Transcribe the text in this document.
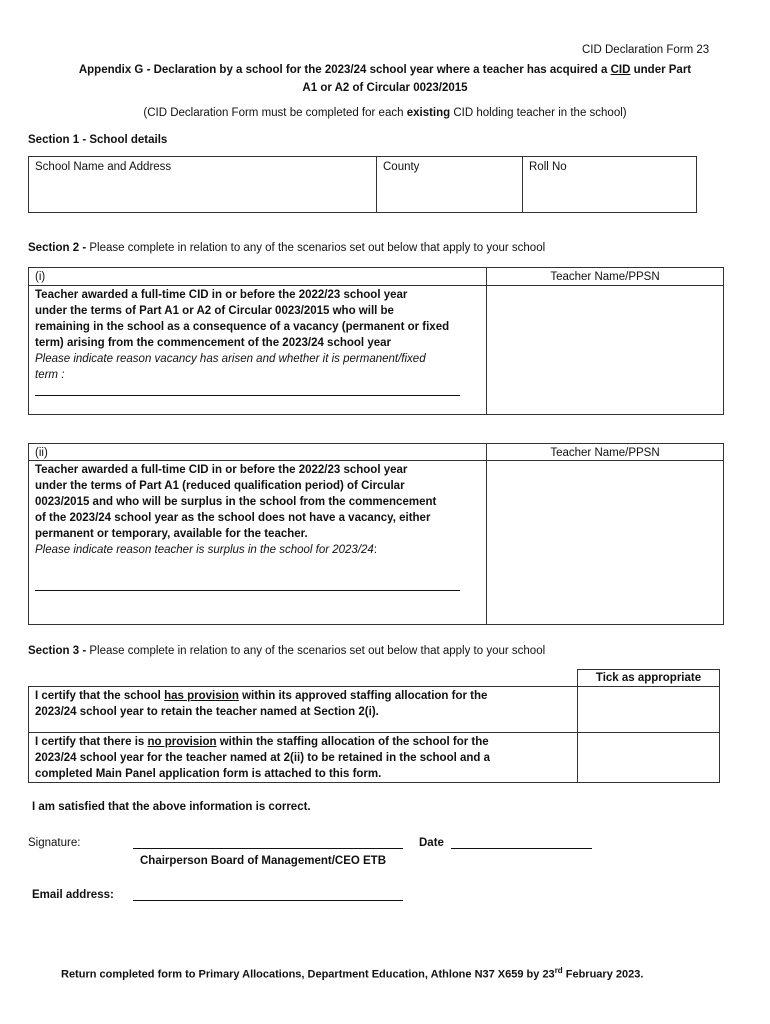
CID Declaration Form 23
Appendix G - Declaration by a school for the 2023/24 school year where a teacher has acquired a CID under Part
A1 or A2 of Circular 0023/2015
(CID Declaration Form must be completed for each existing CID holding teacher in the school)
Section 1 - School details
School Name and Address	County	Roll No
Section 2 - Please complete in relation to any of the scenarios set out below that apply to your school
(i)	Teacher Name/PPSN
Teacher awarded a full-time CID in or before the 2022/23 school year
under the terms of Part A1 or A2 of Circular 0023/2015 who will be
remaining in the school as a consequence of a vacancy (permanent or fixed
term) arising from the commencement of the 2023/24 school year
Please indicate reason vacancy has arisen and whether it is permanent/fixed
term :
(ii)	Teacher Name/PPSN
Teacher awarded a full-time CID in or before the 2022/23 school year
under the terms of Part A1 (reduced qualification period) of Circular
0023/2015 and who will be surplus in the school from the commencement
of the 2023/24 school year as the school does not have a vacancy, either
permanent or temporary, available for the teacher.
Please indicate reason teacher is surplus in the school for 2023/24:
Section 3 - Please complete in relation to any of the scenarios set out below that apply to your school
Tick as appropriate
I certify that the school has provision within its approved staffing allocation for the
2023/24 school year to retain the teacher named at Section 2(i).
I certify that there is no provision within the staffing allocation of the school for the
2023/24 school year for the teacher named at 2(ii) to be retained in the school and a
completed Main Panel application form is attached to this form.
I am satisfied that the above information is correct.
Signature:	Date
Chairperson Board of Management/CEO ETB
Email address:
Return completed form to Primary Allocations, Department Education, Athlone N37 X659 by 23rd February 2023.
